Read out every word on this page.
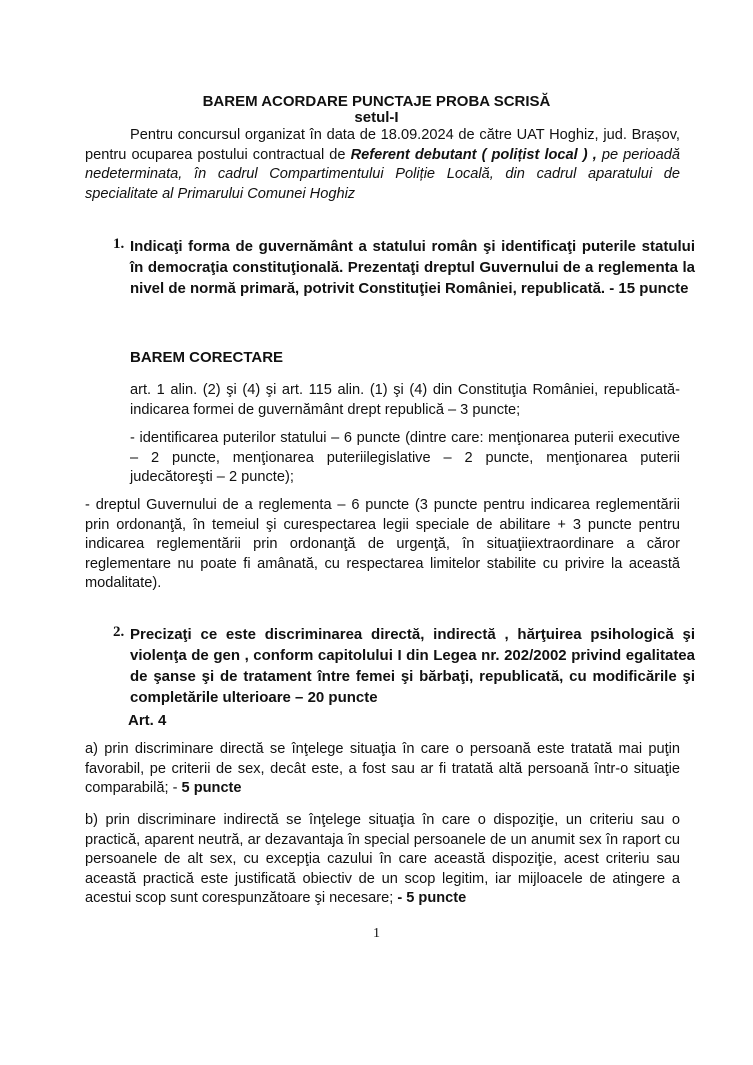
BAREM ACORDARE PUNCTAJE PROBA SCRISĂ
setul-I
Pentru concursul organizat în data de 18.09.2024 de către UAT Hoghiz, jud. Brașov, pentru ocuparea postului contractual de Referent debutant ( polițist local ) , pe perioadă nedeterminata, în cadrul Compartimentului Poliție Locală, din cadrul aparatului de specialitate al Primarului Comunei Hoghiz
1. Indicaţi forma de guvernământ a statului român şi identificaţi puterile statului în democraţia constituţională. Prezentaţi dreptul Guvernului de a reglementa la nivel de normă primară, potrivit Constituţiei României, republicată. - 15 puncte
BAREM CORECTARE
art. 1 alin. (2) şi (4) şi art. 115 alin. (1) şi (4) din Constituţia României, republicată- indicarea formei de guvernământ drept republică – 3 puncte;
- identificarea puterilor statului – 6 puncte (dintre care: menţionarea puterii executive – 2 puncte, menţionarea puteriilegislative – 2 puncte, menţionarea puterii judecătoreşti – 2 puncte);
- dreptul Guvernului de a reglementa – 6 puncte (3 puncte pentru indicarea reglementării prin ordonanţă, în temeiul şi curespectarea legii speciale de abilitare + 3 puncte pentru indicarea reglementării prin ordonanţă de urgenţă, în situaţiiextraordinare a căror reglementare nu poate fi amânată, cu respectarea limitelor stabilite cu privire la această modalitate).
2. Precizaţi ce este discriminarea directă, indirectă , hărţuirea psihologică şi violenţa de gen , conform capitolului I din Legea nr. 202/2002 privind egalitatea de şanse şi de tratament între femei şi bărbaţi, republicată, cu modificările şi completările ulterioare – 20 puncte
Art. 4
a) prin discriminare directă se înţelege situaţia în care o persoană este tratată mai puţin favorabil, pe criterii de sex, decât este, a fost sau ar fi tratată altă persoană într-o situaţie comparabilă; - 5 puncte
b) prin discriminare indirectă se înţelege situaţia în care o dispoziţie, un criteriu sau o practică, aparent neutră, ar dezavantaja în special persoanele de un anumit sex în raport cu persoanele de alt sex, cu excepţia cazului în care această dispoziţie, acest criteriu sau această practică este justificată obiectiv de un scop legitim, iar mijloacele de atingere a acestui scop sunt corespunzătoare şi necesare; - 5 puncte
1
